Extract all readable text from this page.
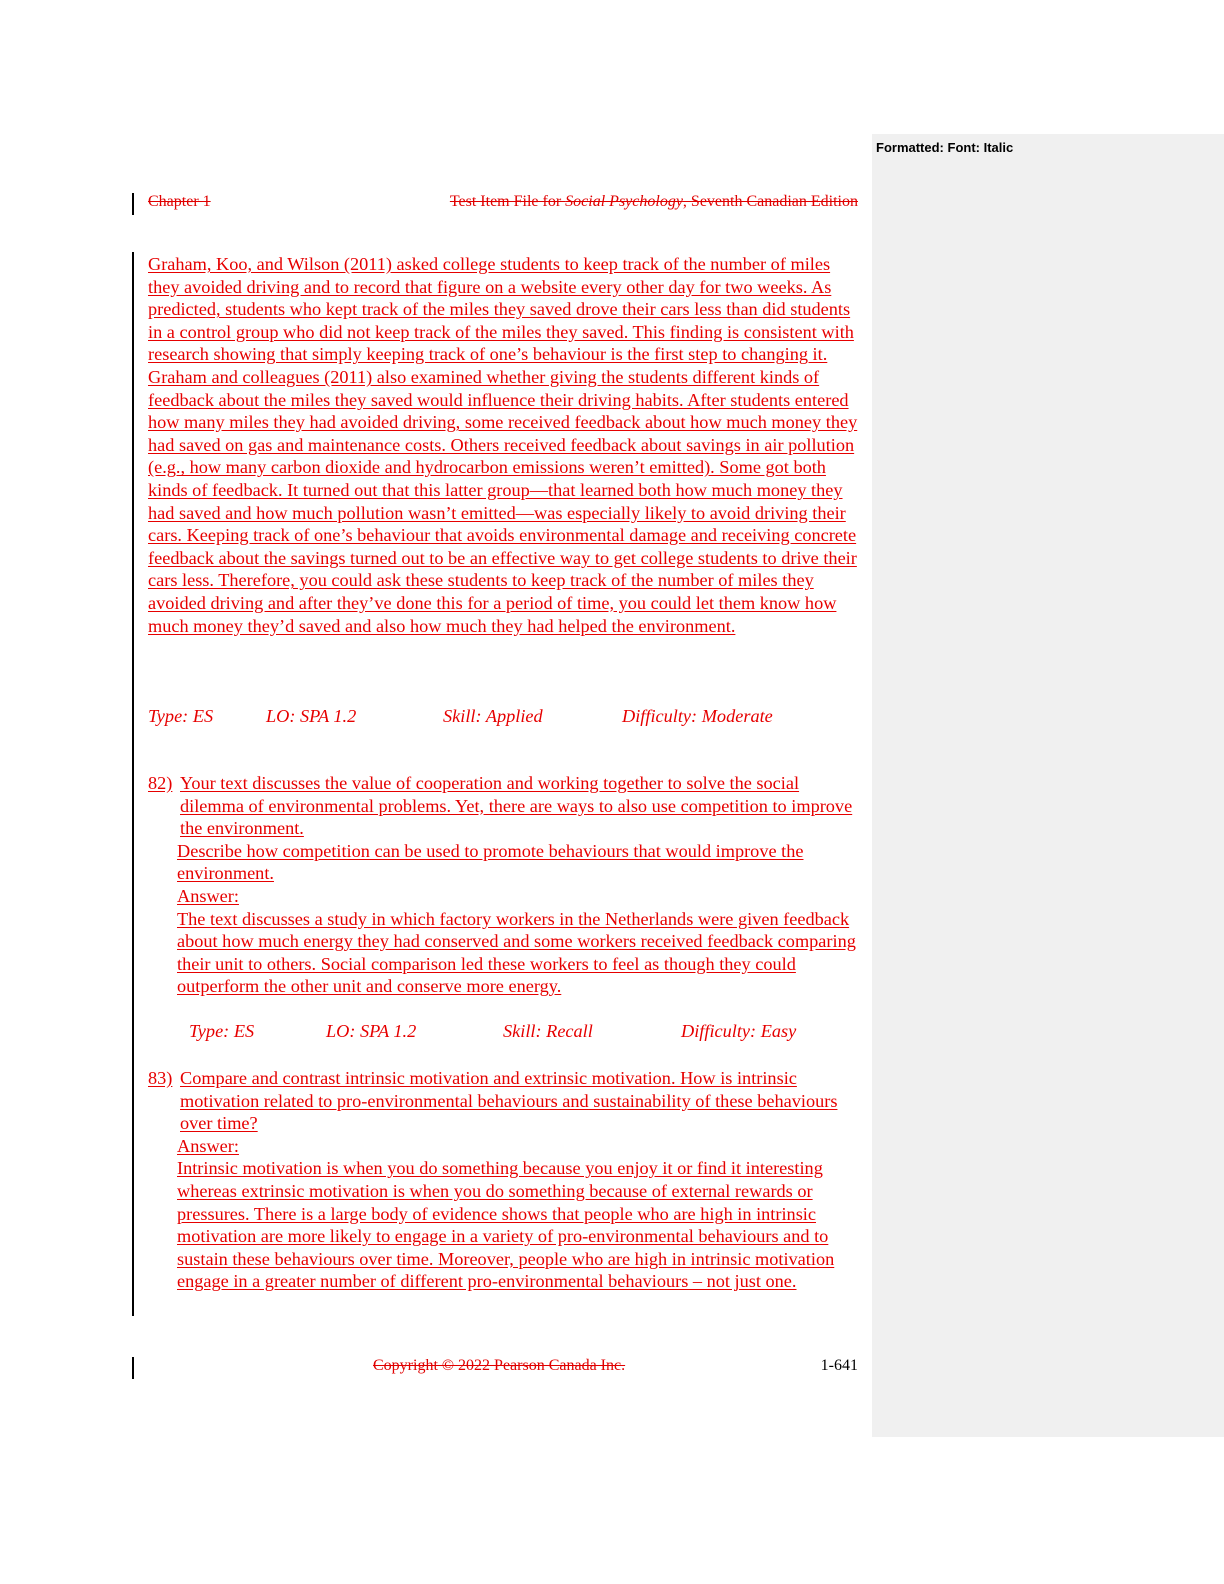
Formatted: Font: Italic
Chapter 1	Test Item File for Social Psychology, Seventh Canadian Edition

Graham, Koo, and Wilson (2011) asked college students to keep track of the number of miles they avoided driving and to record that figure on a website every other day for two weeks. As predicted, students who kept track of the miles they saved drove their cars less than did students in a control group who did not keep track of the miles they saved. This finding is consistent with research showing that simply keeping track of one’s behaviour is the first step to changing it. Graham and colleagues (2011) also examined whether giving the students different kinds of feedback about the miles they saved would influence their driving habits. After students entered how many miles they had avoided driving, some received feedback about how much money they had saved on gas and maintenance costs. Others received feedback about savings in air pollution (e.g., how many carbon dioxide and hydrocarbon emissions weren’t emitted). Some got both kinds of feedback. It turned out that this latter group—that learned both how much money they had saved and how much pollution wasn’t emitted—was especially likely to avoid driving their cars. Keeping track of one’s behaviour that avoids environmental damage and receiving concrete feedback about the savings turned out to be an effective way to get college students to drive their cars less. Therefore, you could ask these students to keep track of the number of miles they avoided driving and after they’ve done this for a period of time, you could let them know how much money they’d saved and also how much they had helped the environment.

Type: ES	LO: SPA 1.2	Skill: Applied	Difficulty: Moderate
82) Your text discusses the value of cooperation and working together to solve the social dilemma of environmental problems. Yet, there are ways to also use competition to improve the environment.
Describe how competition can be used to promote behaviours that would improve the environment.
Answer:
The text discusses a study in which factory workers in the Netherlands were given feedback about how much energy they had conserved and some workers received feedback comparing their unit to others. Social comparison led these workers to feel as though they could outperform the other unit and conserve more energy.
Type: ES	LO: SPA 1.2	Skill: Recall	Difficulty: Easy
83) Compare and contrast intrinsic motivation and extrinsic motivation. How is intrinsic motivation related to pro-environmental behaviours and sustainability of these behaviours over time?
Answer:
Intrinsic motivation is when you do something because you enjoy it or find it interesting whereas extrinsic motivation is when you do something because of external rewards or pressures. There is a large body of evidence shows that people who are high in intrinsic motivation are more likely to engage in a variety of pro-environmental behaviours and to sustain these behaviours over time. Moreover, people who are high in intrinsic motivation engage in a greater number of different pro-environmental behaviours – not just one.
Copyright © 2022 Pearson Canada Inc.	1-641
